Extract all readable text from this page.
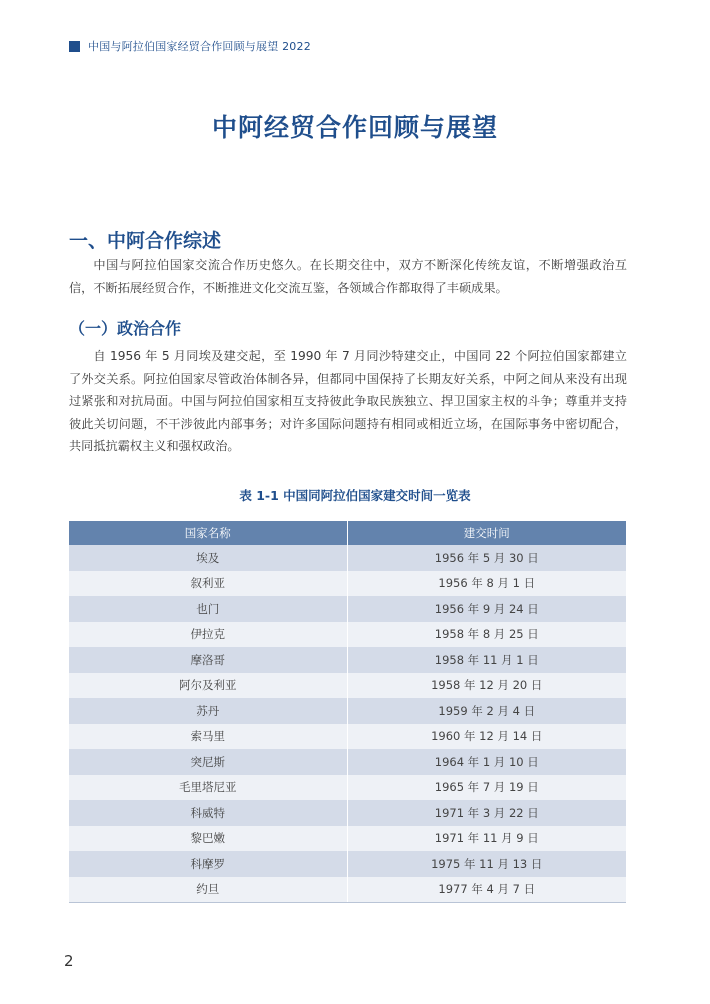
中国与阿拉伯国家经贸合作回顾与展望 2022
中阿经贸合作回顾与展望
一、中阿合作综述
中国与阿拉伯国家交流合作历史悠久。在长期交往中，双方不断深化传统友谊，不断增强政治互信，不断拓展经贸合作，不断推进文化交流互鉴，各领域合作都取得了丰硕成果。
（一）政治合作
自 1956 年 5 月同埃及建交起，至 1990 年 7 月同沙特建交止，中国同 22 个阿拉伯国家都建立了外交关系。阿拉伯国家尽管政治体制各异，但都同中国保持了长期友好关系，中阿之间从来没有出现过紧张和对抗局面。中国与阿拉伯国家相互支持彼此争取民族独立、捍卫国家主权的斗争；尊重并支持彼此关切问题，不干涉彼此内部事务；对许多国际问题持有相同或相近立场，在国际事务中密切配合，共同抵抗霸权主义和强权政治。
表 1-1 中国同阿拉伯国家建交时间一览表
国家名称	建交时间
埃及	1956 年 5 月 30 日
叙利亚	1956 年 8 月 1 日
也门	1956 年 9 月 24 日
伊拉克	1958 年 8 月 25 日
摩洛哥	1958 年 11 月 1 日
阿尔及利亚	1958 年 12 月 20 日
苏丹	1959 年 2 月 4 日
索马里	1960 年 12 月 14 日
突尼斯	1964 年 1 月 10 日
毛里塔尼亚	1965 年 7 月 19 日
科威特	1971 年 3 月 22 日
黎巴嫩	1971 年 11 月 9 日
科摩罗	1975 年 11 月 13 日
约旦	1977 年 4 月 7 日
2
